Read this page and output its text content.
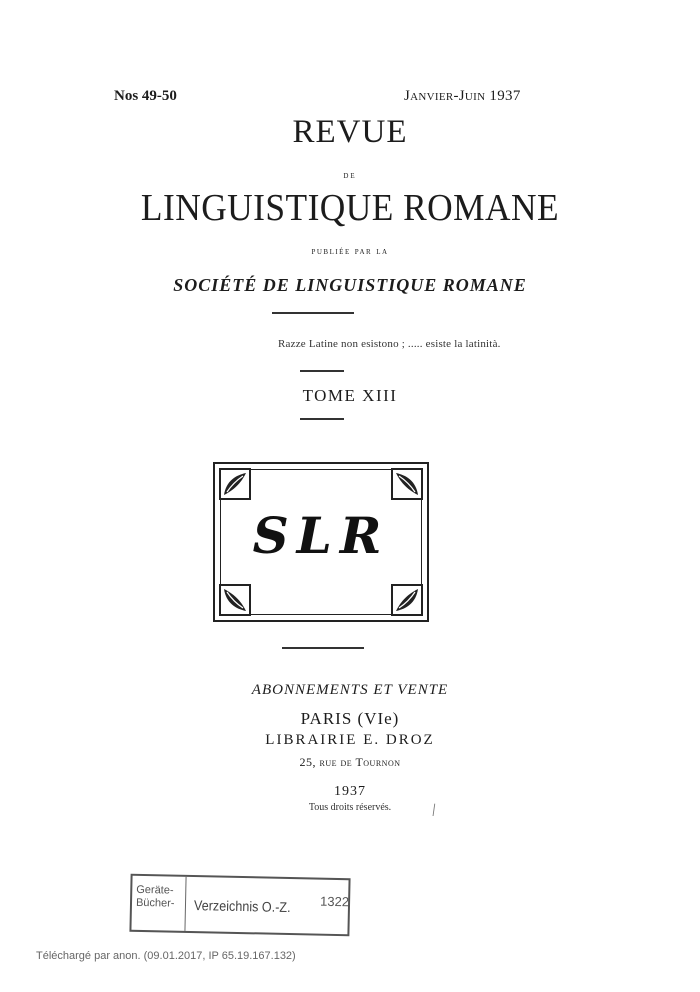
Nos 49-50	Janvier-Juin 1937
REVUE
de
LINGUISTIQUE ROMANE
publiée par la
SOCIÉTÉ DE LINGUISTIQUE ROMANE
Razze Latine non esistono ; ..... esiste la latinità.
TOME XIII
SLR
ABONNEMENTS ET VENTE
PARIS (VIe)
LIBRAIRIE E. DROZ
25, rue de Tournon
1937
Tous droits réservés.	ǀ
Geräte-
Bücher-	Verzeichnis O.-Z. 1322
Téléchargé par anon. (09.01.2017, IP 65.19.167.132)
